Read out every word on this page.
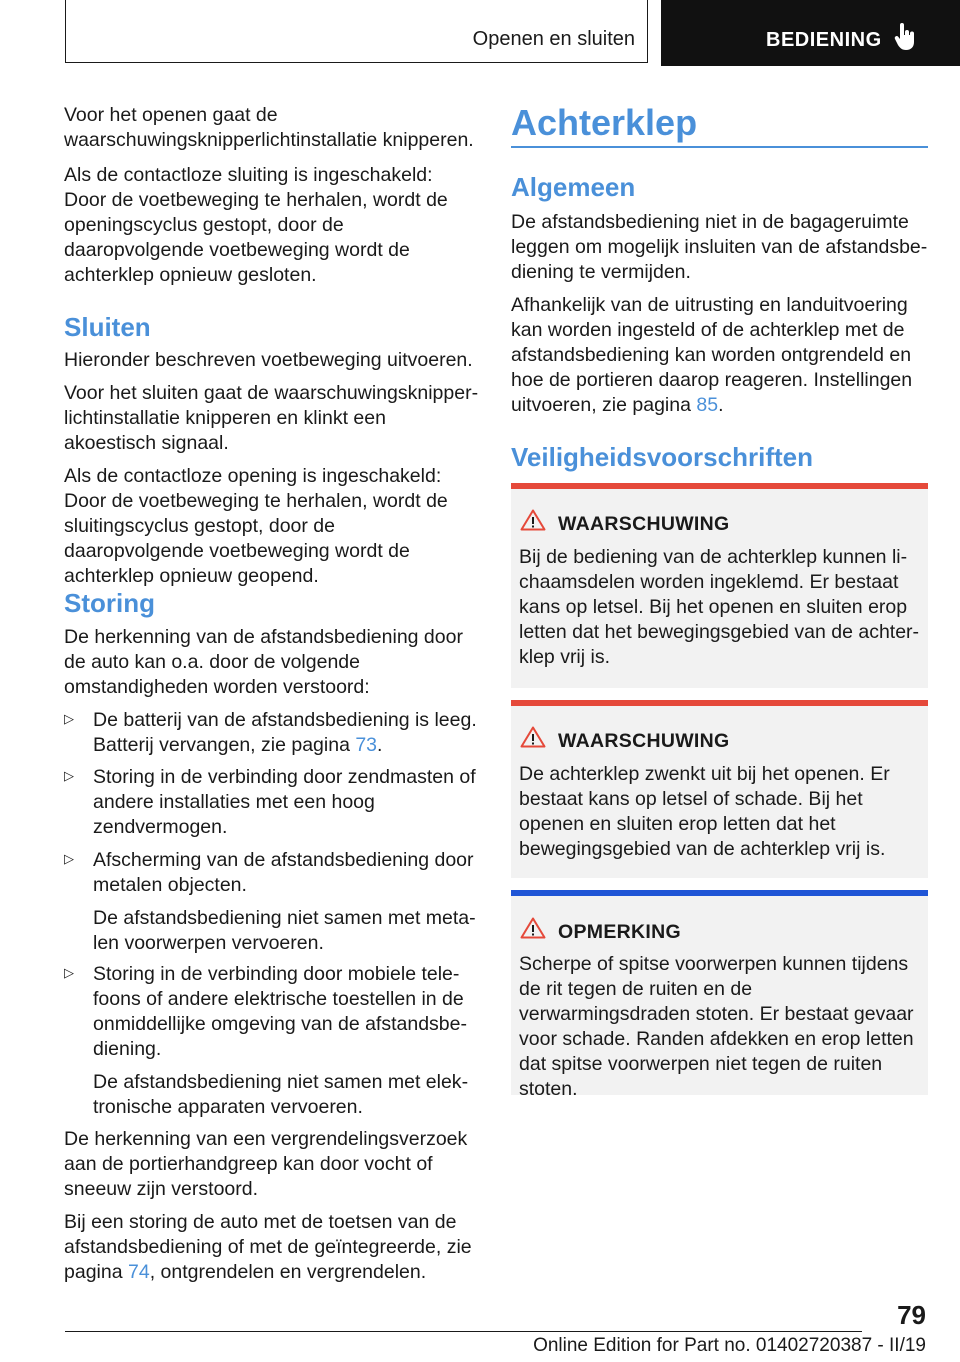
Openen en sluiten	BEDIENING

Voor het openen gaat de waarschuwingsknipperlichtinstallatie knipperen.

Als de contactloze sluiting is ingeschakeld: Door de voetbeweging te herhalen, wordt de openingscyclus gestopt, door de daaropvolgende voetbeweging wordt de achterklep opnieuw gesloten.

Sluiten

Hieronder beschreven voetbeweging uitvoeren.

Voor het sluiten gaat de waarschuwingsknipperlichtinstallatie knipperen en klinkt een akoestisch signaal.

Als de contactloze opening is ingeschakeld: Door de voetbeweging te herhalen, wordt de sluitingscyclus gestopt, door de daaropvolgende voetbeweging wordt de achterklep opnieuw geopend.

Storing

De herkenning van de afstandsbediening door de auto kan o.a. door de volgende omstandigheden worden verstoord:

▷ De batterij van de afstandsbediening is leeg. Batterij vervangen, zie pagina 73.
▷ Storing in de verbinding door zendmasten of andere installaties met een hoog zendvermogen.
▷ Afscherming van de afstandsbediening door metalen objecten.
De afstandsbediening niet samen met metalen voorwerpen vervoeren.
▷ Storing in de verbinding door mobiele telefoons of andere elektrische toestellen in de onmiddellijke omgeving van de afstandsbediening.
De afstandsbediening niet samen met elektronische apparaten vervoeren.

De herkenning van een vergrendelingsverzoek aan de portierhandgreep kan door vocht of sneeuw zijn verstoord.

Bij een storing de auto met de toetsen van de afstandsbediening of met de geïntegreerde, zie pagina 74, ontgrendelen en vergrendelen.

Achterklep
Algemeen

De afstandsbediening niet in de bagageruimte leggen om mogelijk insluiten van de afstandsbediening te vermijden.

Afhankelijk van de uitrusting en landuitvoering kan worden ingesteld of de achterklep met de afstandsbediening kan worden ontgrendeld en hoe de portieren daarop reageren. Instellingen uitvoeren, zie pagina 85.

Veiligheidsvoorschriften
WAARSCHUWING
Bij de bediening van de achterklep kunnen lichaamsdelen worden ingeklemd. Er bestaat kans op letsel. Bij het openen en sluiten erop letten dat het bewegingsgebied van de achterklep vrij is.
WAARSCHUWING
De achterklep zwenkt uit bij het openen. Er bestaat kans op letsel of schade. Bij het openen en sluiten erop letten dat het bewegingsgebied van de achterklep vrij is.
OPMERKING
Scherpe of spitse voorwerpen kunnen tijdens de rit tegen de ruiten en de verwarmingsdraden stoten. Er bestaat gevaar voor schade. Randen afdekken en erop letten dat spitse voorwerpen niet tegen de ruiten stoten.
79
Online Edition for Part no. 01402720387 - II/19
